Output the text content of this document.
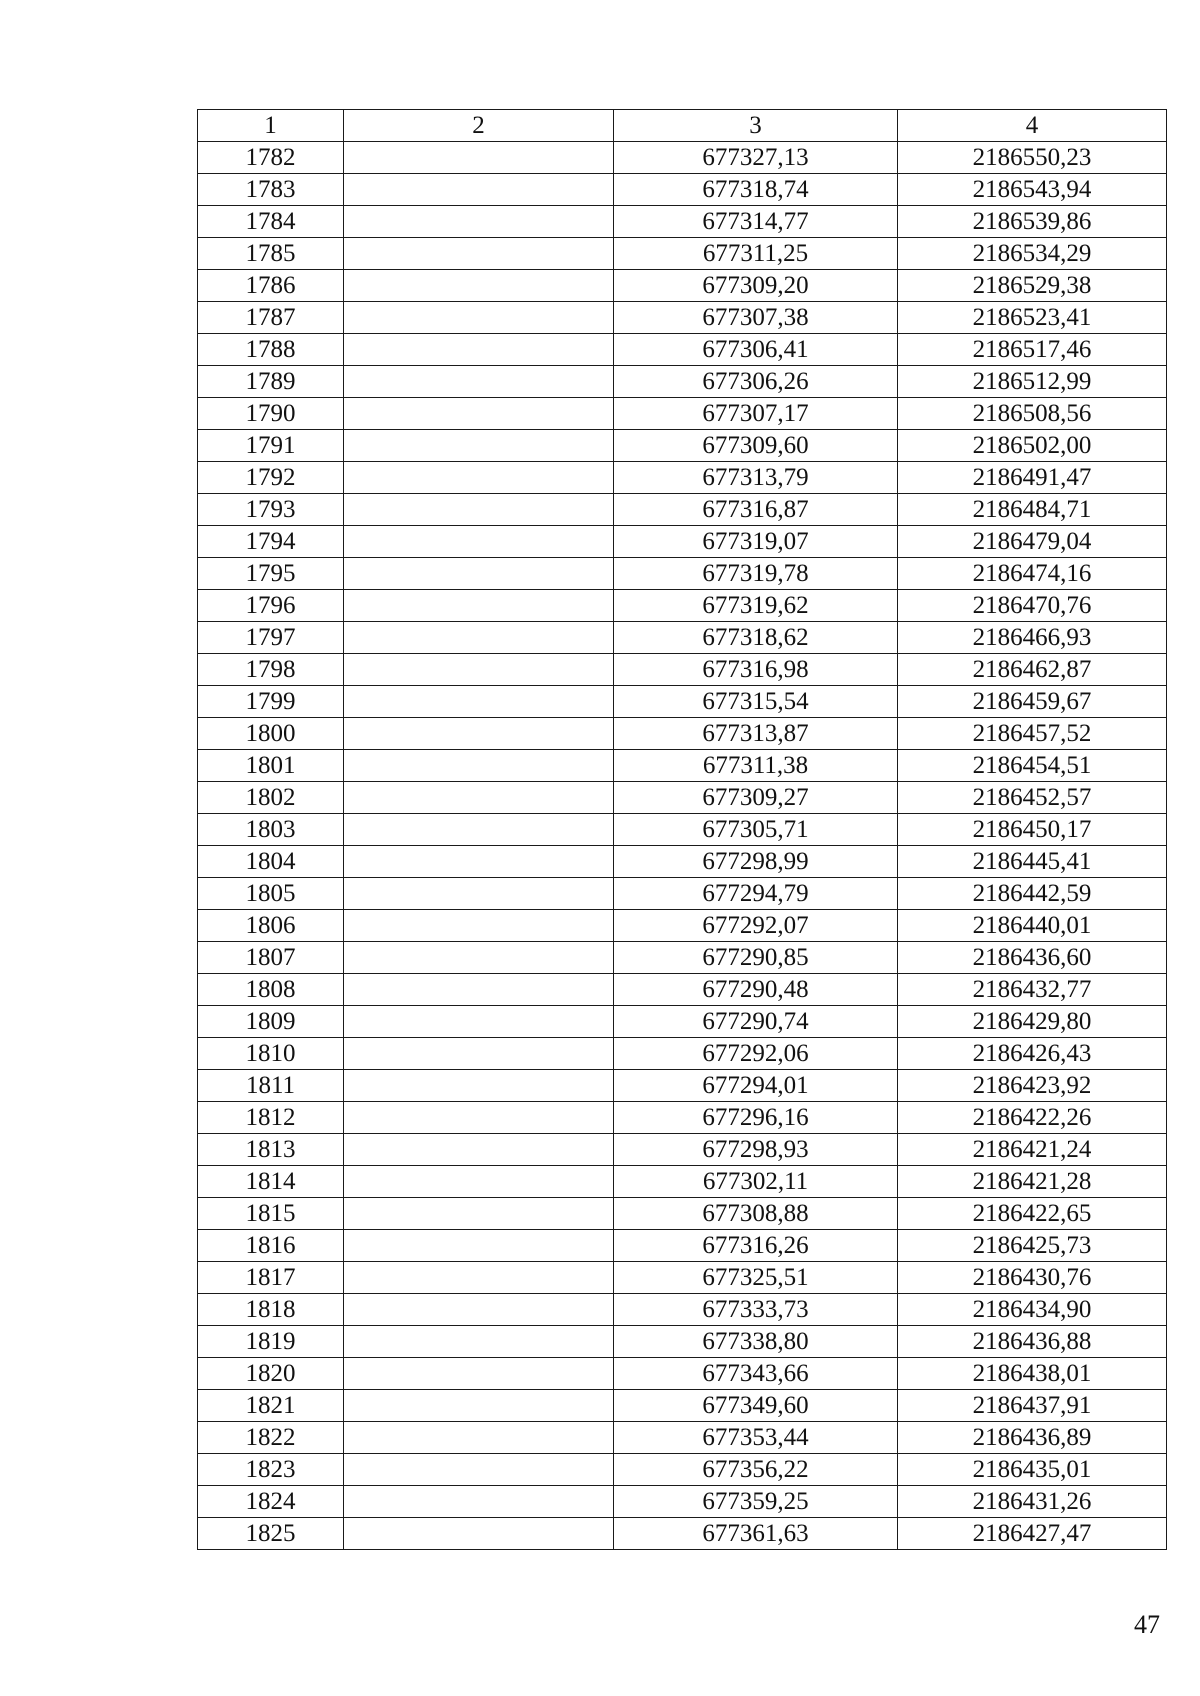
1	2	3	4
1782		677327,13	2186550,23
1783		677318,74	2186543,94
1784		677314,77	2186539,86
1785		677311,25	2186534,29
1786		677309,20	2186529,38
1787		677307,38	2186523,41
1788		677306,41	2186517,46
1789		677306,26	2186512,99
1790		677307,17	2186508,56
1791		677309,60	2186502,00
1792		677313,79	2186491,47
1793		677316,87	2186484,71
1794		677319,07	2186479,04
1795		677319,78	2186474,16
1796		677319,62	2186470,76
1797		677318,62	2186466,93
1798		677316,98	2186462,87
1799		677315,54	2186459,67
1800		677313,87	2186457,52
1801		677311,38	2186454,51
1802		677309,27	2186452,57
1803		677305,71	2186450,17
1804		677298,99	2186445,41
1805		677294,79	2186442,59
1806		677292,07	2186440,01
1807		677290,85	2186436,60
1808		677290,48	2186432,77
1809		677290,74	2186429,80
1810		677292,06	2186426,43
1811		677294,01	2186423,92
1812		677296,16	2186422,26
1813		677298,93	2186421,24
1814		677302,11	2186421,28
1815		677308,88	2186422,65
1816		677316,26	2186425,73
1817		677325,51	2186430,76
1818		677333,73	2186434,90
1819		677338,80	2186436,88
1820		677343,66	2186438,01
1821		677349,60	2186437,91
1822		677353,44	2186436,89
1823		677356,22	2186435,01
1824		677359,25	2186431,26
1825		677361,63	2186427,47
47
